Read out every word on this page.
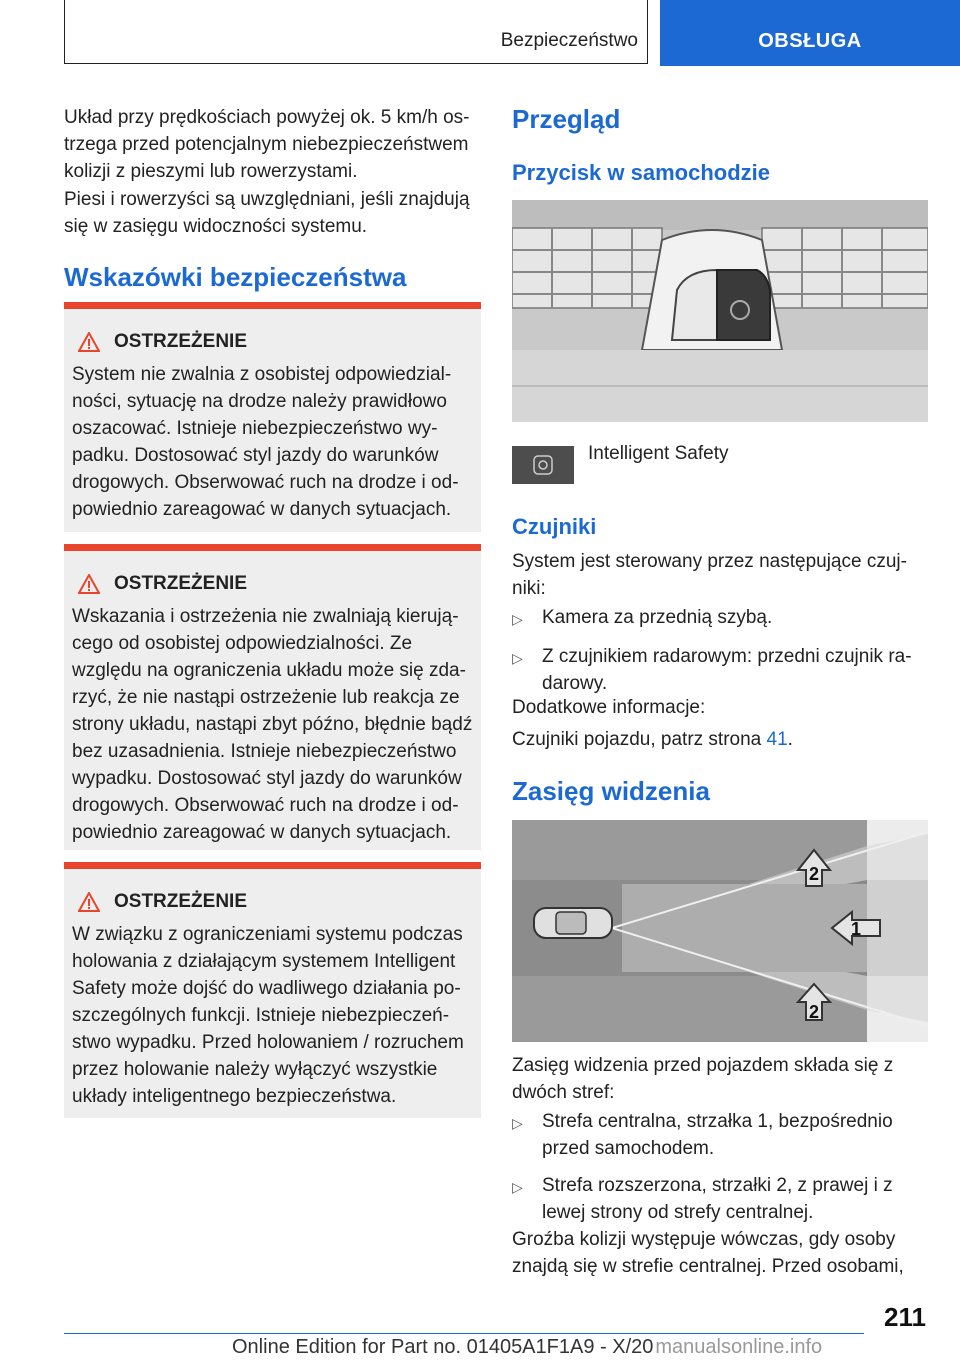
Bezpieczeństwo	OBSŁUGA

Układ przy prędkościach powyżej ok. 5 km/h ostrzega przed potencjalnym niebezpieczeństwem kolizji z pieszymi lub rowerzystami.

Piesi i rowerzyści są uwzględniani, jeśli znajdują się w zasięgu widoczności systemu.

Wskazówki bezpieczeństwa
OSTRZEŻENIE
System nie zwalnia z osobistej odpowiedzialności, sytuację na drodze należy prawidłowo oszacować. Istnieje niebezpieczeństwo wypadku. Dostosować styl jazdy do warunków drogowych. Obserwować ruch na drodze i odpowiednio zareagować w danych sytuacjach.
OSTRZEŻENIE
Wskazania i ostrzeżenia nie zwalniają kierującego od osobistej odpowiedzialności. Ze względu na ograniczenia układu może się zdarzyć, że nie nastąpi ostrzeżenie lub reakcja ze strony układu, nastąpi zbyt późno, błędnie bądź bez uzasadnienia. Istnieje niebezpieczeństwo wypadku. Dostosować styl jazdy do warunków drogowych. Obserwować ruch na drodze i odpowiednio zareagować w danych sytuacjach.
OSTRZEŻENIE
W związku z ograniczeniami systemu podczas holowania z działającym systemem Intelligent Safety może dojść do wadliwego działania poszczególnych funkcji. Istnieje niebezpieczeństwo wypadku. Przed holowaniem / rozruchem przez holowanie należy wyłączyć wszystkie układy inteligentnego bezpieczeństwa.
Przegląd
Przycisk w samochodzie
Intelligent Safety
Czujniki

System jest sterowany przez następujące czujniki:

▷	Kamera za przednią szybą.
▷	Z czujnikiem radarowym: przedni czujnik radarowy.

Dodatkowe informacje:

Czujniki pojazdu, patrz strona 41.

Zasięg widzenia
2
1
2

Zasięg widzenia przed pojazdem składa się z dwóch stref:

▷	Strefa centralna, strzałka 1, bezpośrednio przed samochodem.
▷	Strefa rozszerzona, strzałki 2, z prawej i z lewej strony od strefy centralnej.

Groźba kolizji występuje wówczas, gdy osoby znajdą się w strefie centralnej. Przed osobami,

211
Online Edition for Part no. 01405A1F1A9 - X/20 manualsonline.info
